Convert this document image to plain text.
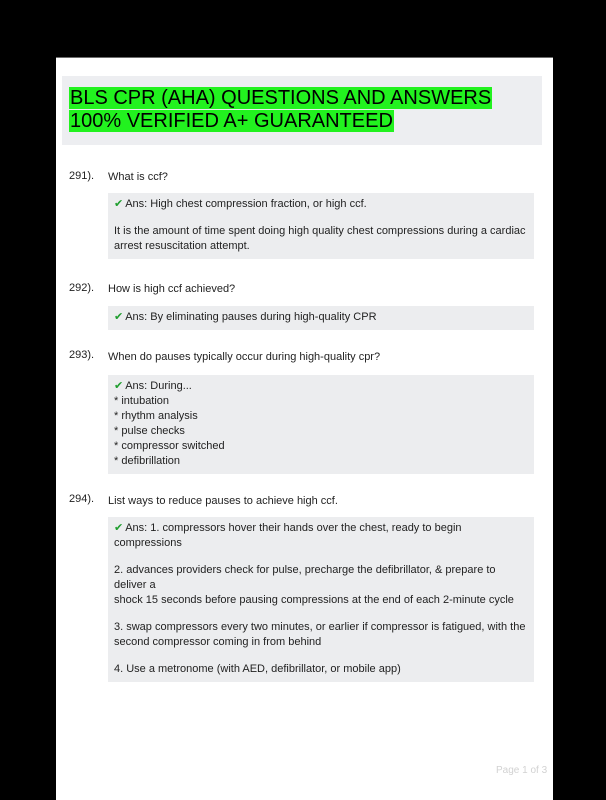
BLS CPR (AHA) QUESTIONS AND ANSWERS
100% VERIFIED A+ GUARANTEED
291). What is ccf?

✔ Ans: High chest compression fraction, or high ccf.

It is the amount of time spent doing high quality chest compressions during a cardiac

arrest resuscitation attempt.

292). How is high ccf achieved?

✔ Ans: By eliminating pauses during high-quality CPR

293). When do pauses typically occur during high-quality cpr?

✔ Ans: During...

* intubation

* rhythm analysis

* pulse checks

* compressor switched

* defibrillation

294). List ways to reduce pauses to achieve high ccf.

✔ Ans: 1. compressors hover their hands over the chest, ready to begin compressions

2. advances providers check for pulse, precharge the defibrillator, & prepare to deliver a

shock 15 seconds before pausing compressions at the end of each 2-minute cycle

3. swap compressors every two minutes, or earlier if compressor is fatigued, with the

second compressor coming in from behind

4. Use a metronome (with AED, defibrillator, or mobile app)

Page 1 of 3
